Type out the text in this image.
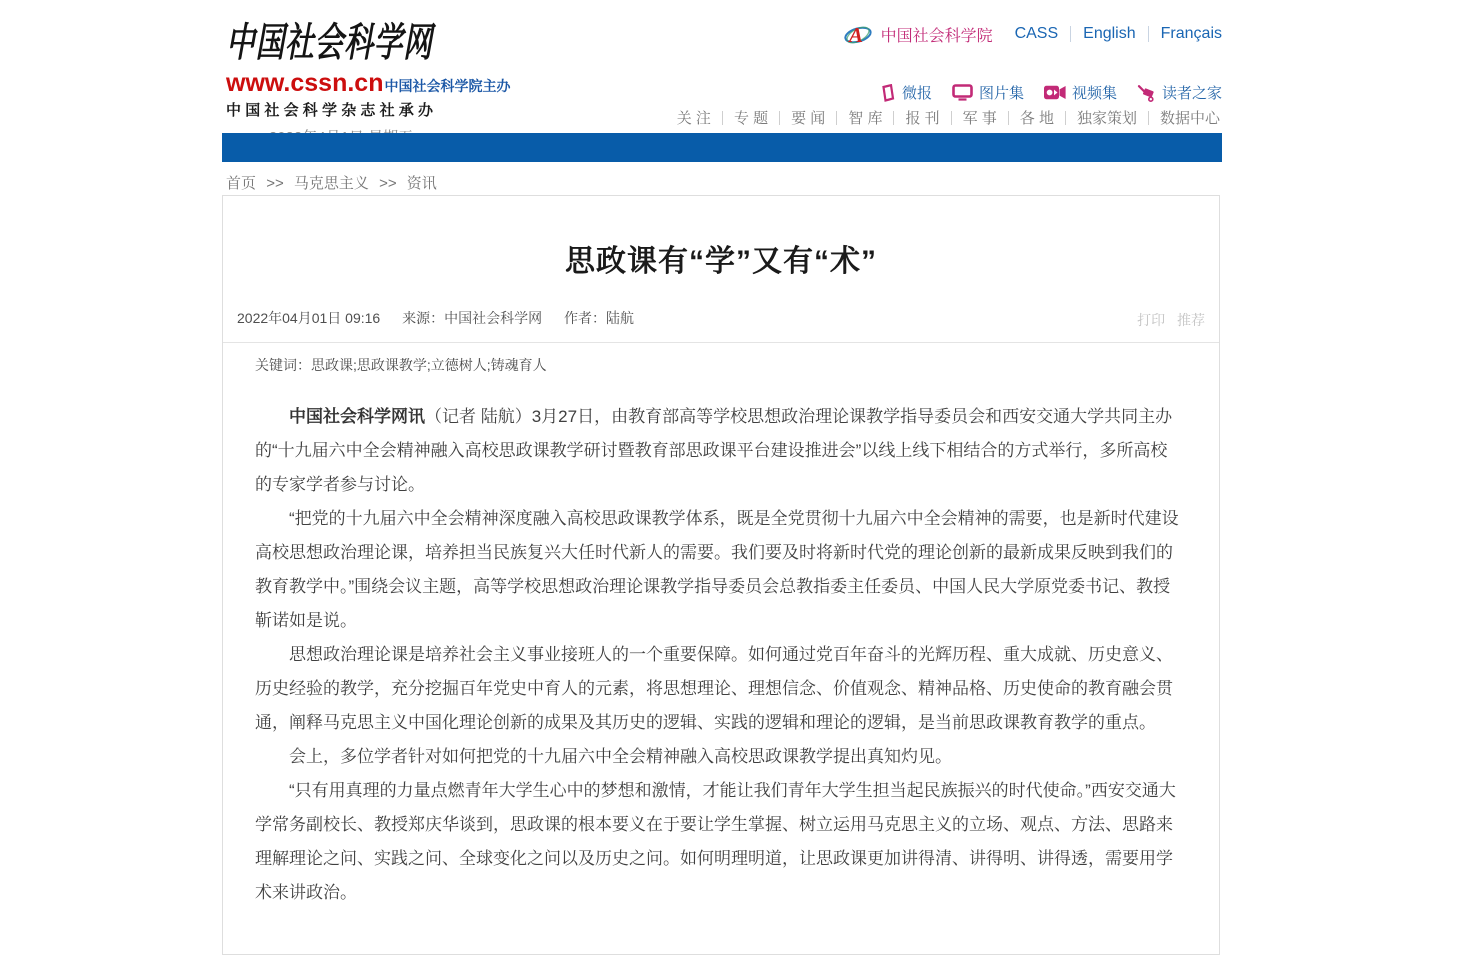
中国社会科学网
www.cssn.cn 中国社会科学院主办
中国社会科学杂志社承办
A 中国社会科学院 CASS English Français
微报	图片集	视频集	读者之家
关 注	专 题	要 闻	智 库	报 刊	军 事	各 地	独家策划	数据中心
首页 >> 马克思主义 >> 资讯
思政课有“学”又有“术”
2022年04月01日 09:16 来源：中国社会科学网 作者：陆航	打印 推荐
关键词：思政课;思政课教学;立德树人;铸魂育人

中国社会科学网讯（记者 陆航）3月27日，由教育部高等学校思想政治理论课教学指导委员会和西安交通大学共同主办的“十九届六中全会精神融入高校思政课教学研讨暨教育部思政课平台建设推进会”以线上线下相结合的方式举行，多所高校的专家学者参与讨论。

“把党的十九届六中全会精神深度融入高校思政课教学体系，既是全党贯彻十九届六中全会精神的需要，也是新时代建设高校思想政治理论课，培养担当民族复兴大任时代新人的需要。我们要及时将新时代党的理论创新的最新成果反映到我们的教育教学中。”围绕会议主题，高等学校思想政治理论课教学指导委员会总教指委主任委员、中国人民大学原党委书记、教授靳诺如是说。

思想政治理论课是培养社会主义事业接班人的一个重要保障。如何通过党百年奋斗的光辉历程、重大成就、历史意义、历史经验的教学，充分挖掘百年党史中育人的元素，将思想理论、理想信念、价值观念、精神品格、历史使命的教育融会贯通，阐释马克思主义中国化理论创新的成果及其历史的逻辑、实践的逻辑和理论的逻辑，是当前思政课教育教学的重点。

会上，多位学者针对如何把党的十九届六中全会精神融入高校思政课教学提出真知灼见。

“只有用真理的力量点燃青年大学生心中的梦想和激情，才能让我们青年大学生担当起民族振兴的时代使命。”西安交通大学常务副校长、教授郑庆华谈到，思政课的根本要义在于要让学生掌握、树立运用马克思主义的立场、观点、方法、思路来理解理论之问、实践之问、全球变化之问以及历史之问。如何明理明道，让思政课更加讲得清、讲得明、讲得透，需要用学术来讲政治。
